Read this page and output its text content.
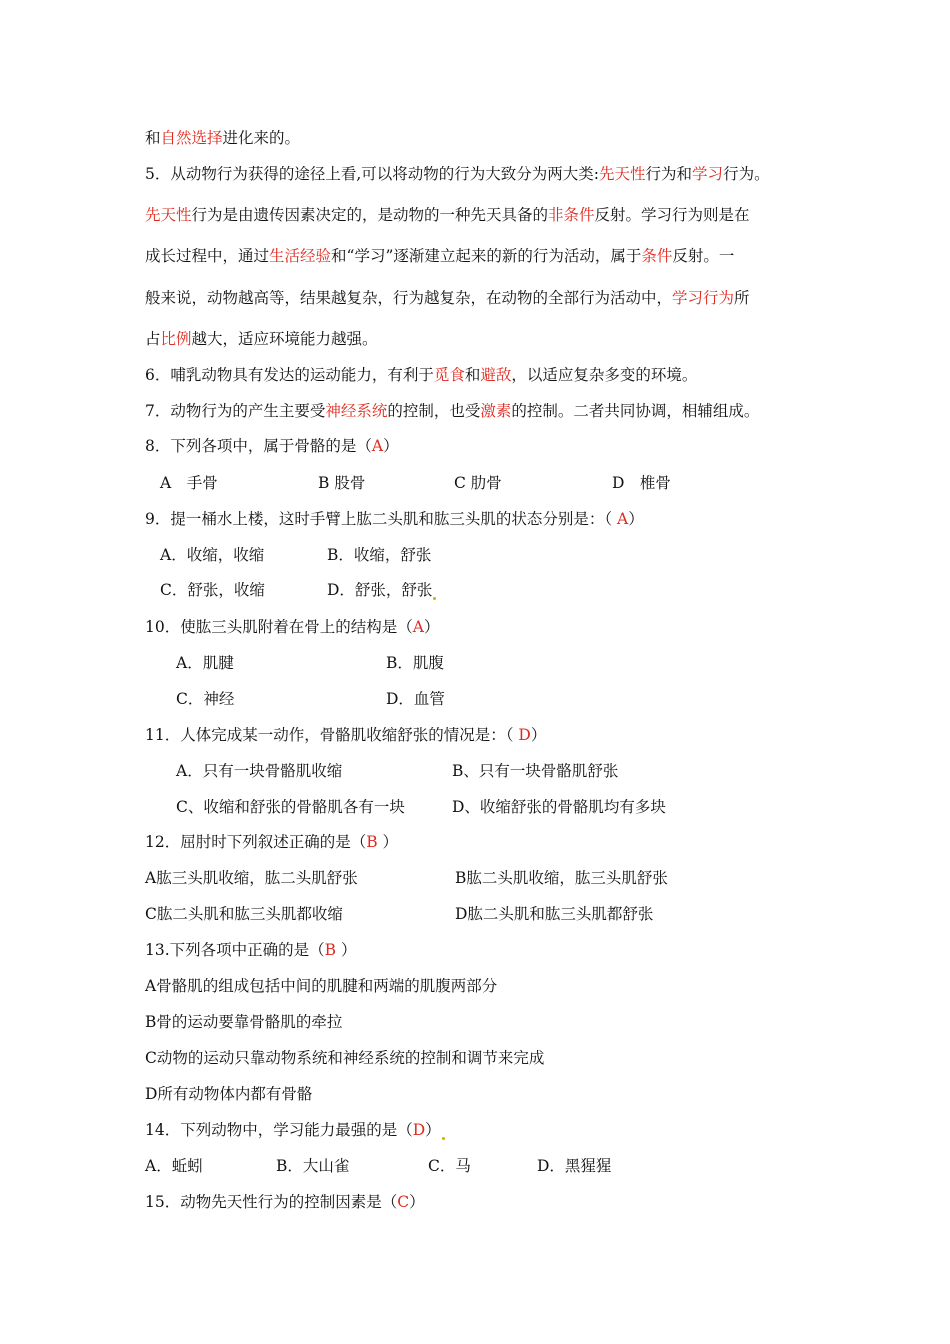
和自然选择进化来的。
5．从动物行为获得的途径上看,可以将动物的行为大致分为两大类:先天性行为和学习行为。
先天性行为是由遗传因素决定的，是动物的一种先天具备的非条件反射。学习行为则是在
成长过程中，通过生活经验和“学习”逐渐建立起来的新的行为活动，属于条件反射。一
般来说，动物越高等，结果越复杂，行为越复杂，在动物的全部行为活动中，学习行为所
占比例越大，适应环境能力越强。
6．哺乳动物具有发达的运动能力，有利于觅食和避敌，以适应复杂多变的环境。
7．动物行为的产生主要受神经系统的控制，也受激素的控制。二者共同协调，相辅组成。
8．下列各项中，属于骨骼的是（A）
A　手骨	B 股骨	C 肋骨	D　椎骨
9．提一桶水上楼，这时手臂上肱二头肌和肱三头肌的状态分别是：（ A）
A．收缩，收缩	B．收缩，舒张
C．舒张，收缩	D．舒张，舒张
10．使肱三头肌附着在骨上的结构是（A）
A．肌腱	B．肌腹
C．神经	D．血管
11．人体完成某一动作，骨骼肌收缩舒张的情况是：（ D）
A．只有一块骨骼肌收缩	B、只有一块骨骼肌舒张
C、收缩和舒张的骨骼肌各有一块	D、收缩舒张的骨骼肌均有多块
12．屈肘时下列叙述正确的是（B ）
A肱三头肌收缩，肱二头肌舒张	B肱二头肌收缩，肱三头肌舒张
C肱二头肌和肱三头肌都收缩	D肱二头肌和肱三头肌都舒张
13.下列各项中正确的是（B ）
A骨骼肌的组成包括中间的肌腱和两端的肌腹两部分
B骨的运动要靠骨骼肌的牵拉
C动物的运动只靠动物系统和神经系统的控制和调节来完成
D所有动物体内都有骨骼
14．下列动物中，学习能力最强的是（D）
A．蚯蚓	B．大山雀	C．马	D．黑猩猩
15．动物先天性行为的控制因素是（C）
